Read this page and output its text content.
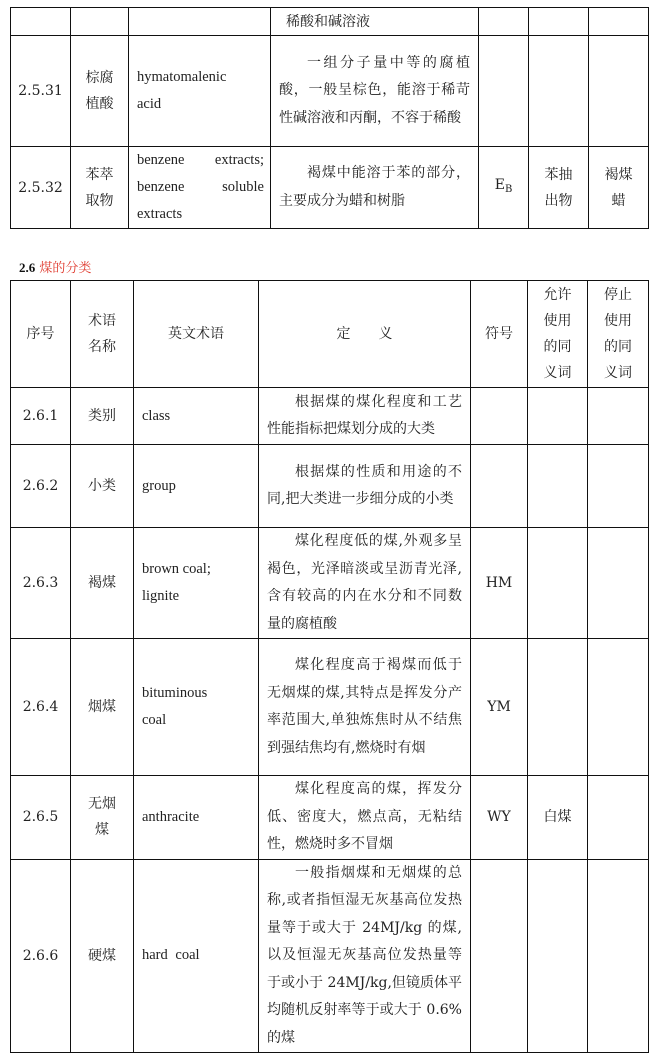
			稀酸和碱溶液			

2.5.31	棕腐植酸	hymatomalenic acid	一组分子量中等的腐植酸，一般呈棕色，能溶于稀苛性碱溶液和丙酮，不容于稀酸			

2.5.32	苯萃取物	benzene extracts; benzene soluble extracts	褐煤中能溶于苯的部分，主要成分为蜡和树脂	$E_B$	苯抽出物	褐煤蜡
2.6 煤的分类
序号	术语名称	英文术语	定　　义	符号	允许使用的同义词	停止使用的同义词

2.6.1	类别	class	根据煤的煤化程度和工艺性能指标把煤划分成的大类			

2.6.2	小类	group	根据煤的性质和用途的不同,把大类进一步细分成的小类			

2.6.3	褐煤	brown coal; lignite	煤化程度低的煤,外观多呈褐色，光泽暗淡或呈沥青光泽,含有较高的内在水分和不同数量的腐植酸	HM		
2.6.4	烟煤	bituminous coal	煤化程度高于褐煤而低于无烟煤的煤,其特点是挥发分产率范围大,单独炼焦时从不结焦到强结焦均有,燃烧时有烟	YM		
2.6.5	无烟煤	anthracite	煤化程度高的煤，挥发分低、密度大，燃点高，无粘结性，燃烧时多不冒烟	WY	白煤	
2.6.6	硬煤	hard coal	一般指烟煤和无烟煤的总称,或者指恒湿无灰基高位发热量等于或大于 24MJ/kg 的煤,以及恒湿无灰基高位发热量等于或小于 24MJ/kg,但镜质体平均随机反射率等于或大于 0.6%的煤			
